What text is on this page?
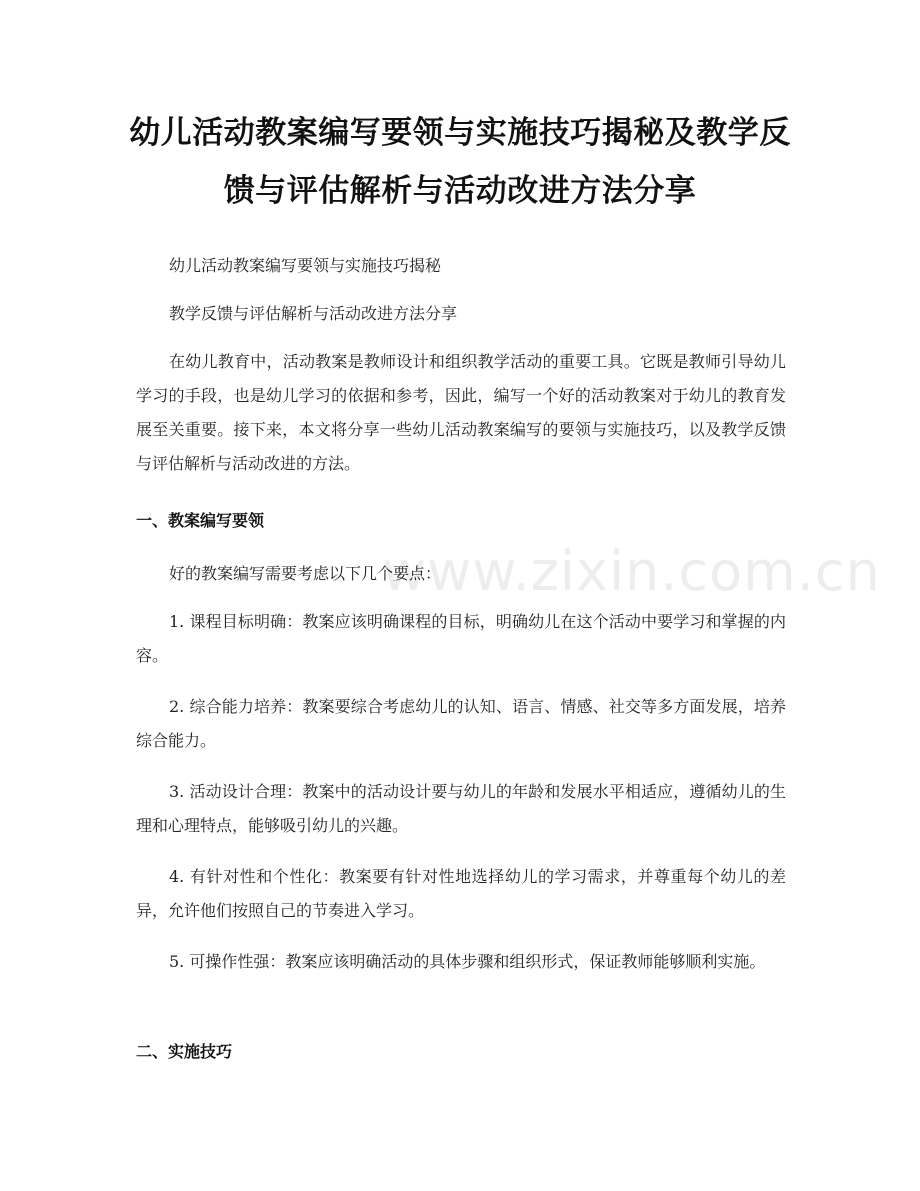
www.zixin.com.cn
幼儿活动教案编写要领与实施技巧揭秘及教学反馈与评估解析与活动改进方法分享

幼儿活动教案编写要领与实施技巧揭秘

教学反馈与评估解析与活动改进方法分享

在幼儿教育中，活动教案是教师设计和组织教学活动的重要工具。它既是教师引导幼儿学习的手段，也是幼儿学习的依据和参考，因此，编写一个好的活动教案对于幼儿的教育发展至关重要。接下来，本文将分享一些幼儿活动教案编写的要领与实施技巧，以及教学反馈与评估解析与活动改进的方法。

一、教案编写要领

好的教案编写需要考虑以下几个要点：

1. 课程目标明确：教案应该明确课程的目标，明确幼儿在这个活动中要学习和掌握的内容。

2. 综合能力培养：教案要综合考虑幼儿的认知、语言、情感、社交等多方面发展，培养综合能力。

3. 活动设计合理：教案中的活动设计要与幼儿的年龄和发展水平相适应，遵循幼儿的生理和心理特点，能够吸引幼儿的兴趣。

4. 有针对性和个性化：教案要有针对性地选择幼儿的学习需求，并尊重每个幼儿的差异，允许他们按照自己的节奏进入学习。

5. 可操作性强：教案应该明确活动的具体步骤和组织形式，保证教师能够顺利实施。

二、实施技巧
